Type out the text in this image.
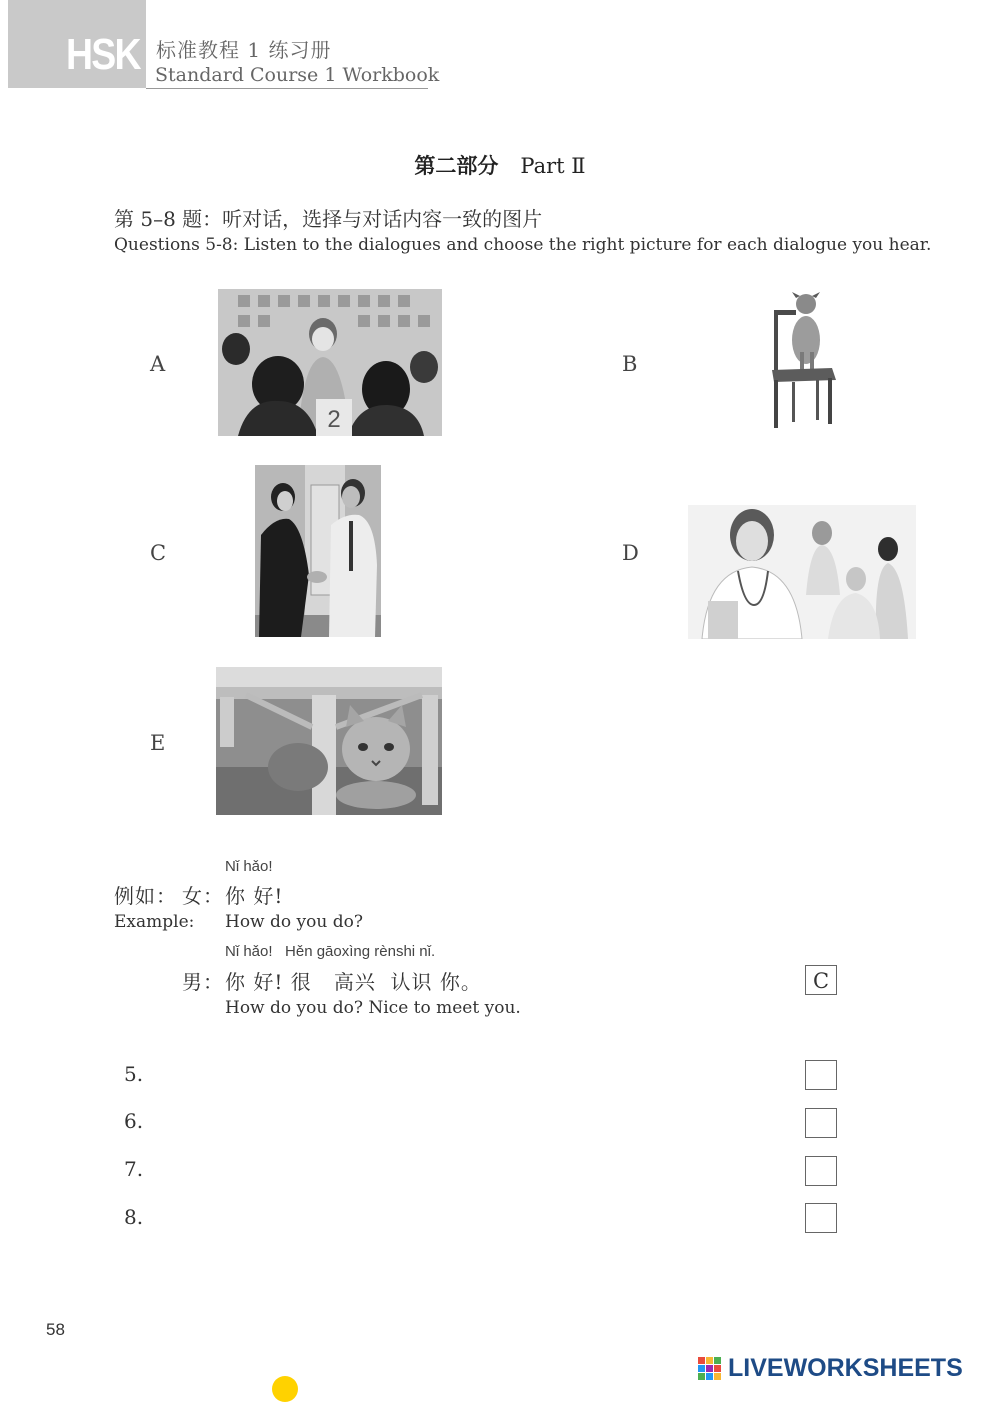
HSK 标准教程 1 练习册
Standard Course 1 Workbook
第二部分 Part Ⅱ
第 5–8 题：听对话，选择与对话内容一致的图片
Questions 5-8: Listen to the dialogues and choose the right picture for each dialogue you hear.
A	B
C	D
E
2
Nǐ hǎo!
例如： 女： 你 好!
Example: How do you do?
Nǐ hǎo!   Hěn gāoxìng rènshi nǐ.
男： 你 好! 很   高兴  认识 你。
How do you do? Nice to meet you.
C
5.
6.
7.
8.
58
LIVEWORKSHEETS
